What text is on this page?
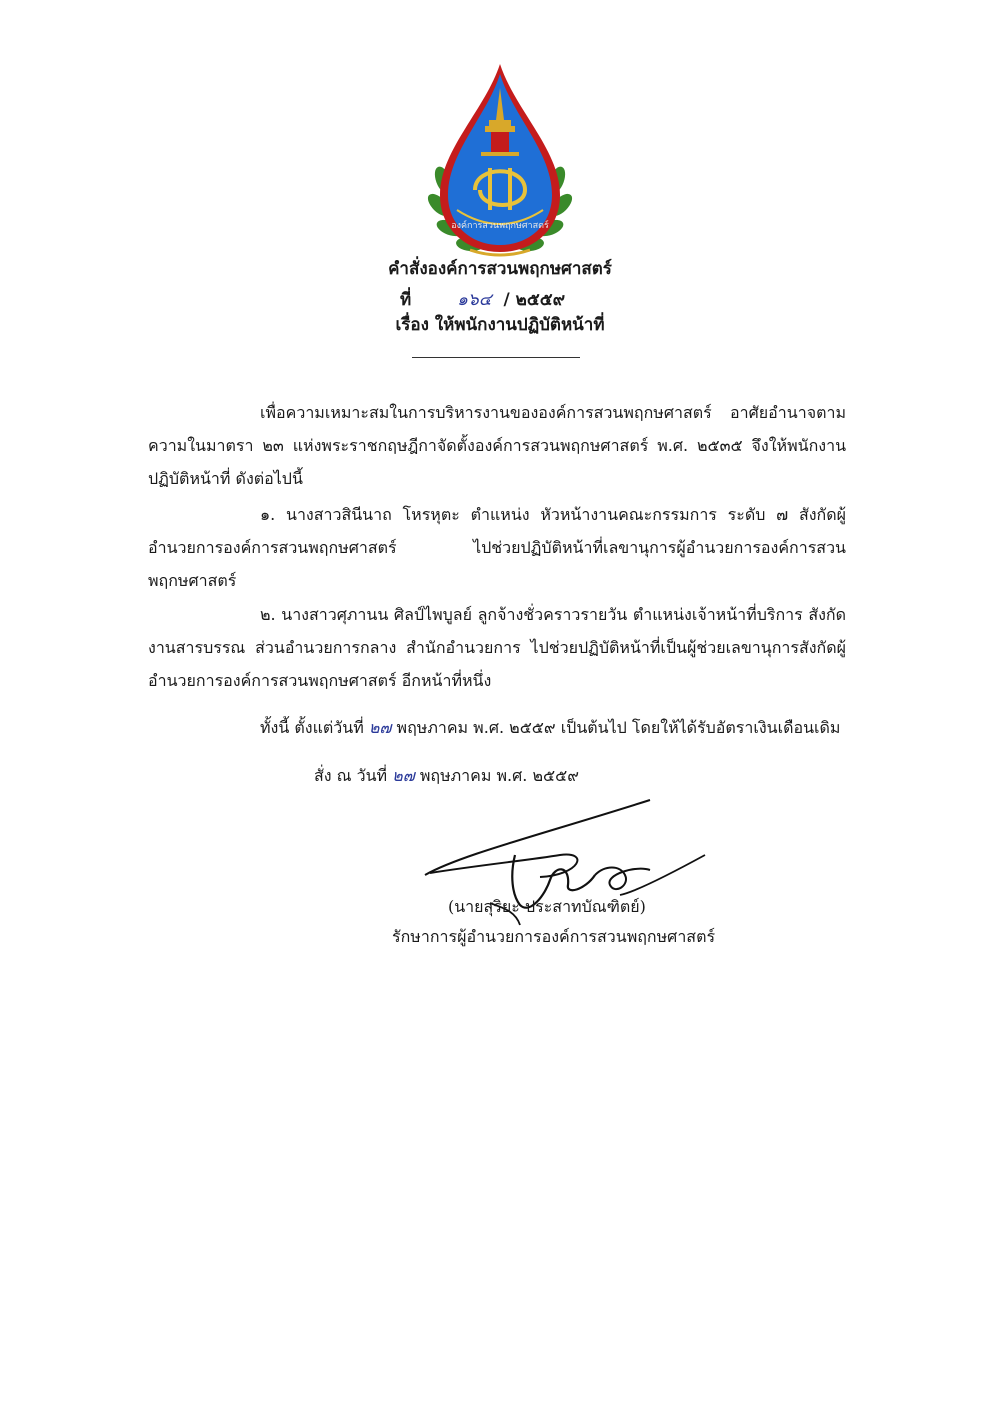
องค์การสวนพฤกษศาสตร์
คำสั่งองค์การสวนพฤกษศาสตร์
ที่	๑๖๔ / ๒๕๕๙
เรื่อง ให้พนักงานปฏิบัติหน้าที่
เพื่อความเหมาะสมในการบริหารงานขององค์การสวนพฤกษศาสตร์ อาศัยอำนาจตามความในมาตรา ๒๓ แห่งพระราชกฤษฎีกาจัดตั้งองค์การสวนพฤกษศาสตร์ พ.ศ. ๒๕๓๕ จึงให้พนักงานปฏิบัติหน้าที่ ดังต่อไปนี้
๑. นางสาวสินีนาถ โหรหุตะ ตำแหน่ง หัวหน้างานคณะกรรมการ ระดับ ๗ สังกัดผู้อำนวยการองค์การสวนพฤกษศาสตร์ ไปช่วยปฏิบัติหน้าที่เลขานุการผู้อำนวยการองค์การสวนพฤกษศาสตร์
๒. นางสาวศุภานน ศิลป์ไพบูลย์ ลูกจ้างชั่วคราวรายวัน ตำแหน่งเจ้าหน้าที่บริการ สังกัดงานสารบรรณ ส่วนอำนวยการกลาง สำนักอำนวยการ ไปช่วยปฏิบัติหน้าที่เป็นผู้ช่วยเลขานุการสังกัดผู้อำนวยการองค์การสวนพฤกษศาสตร์ อีกหน้าที่หนึ่ง
ทั้งนี้ ตั้งแต่วันที่ ๒๗ พฤษภาคม พ.ศ. ๒๕๕๙ เป็นต้นไป โดยให้ได้รับอัตราเงินเดือนเดิม
สั่ง ณ วันที่ ๒๗ พฤษภาคม พ.ศ. ๒๕๕๙
(นายสุริยะ ประสาทบัณฑิตย์)
รักษาการผู้อำนวยการองค์การสวนพฤกษศาสตร์
